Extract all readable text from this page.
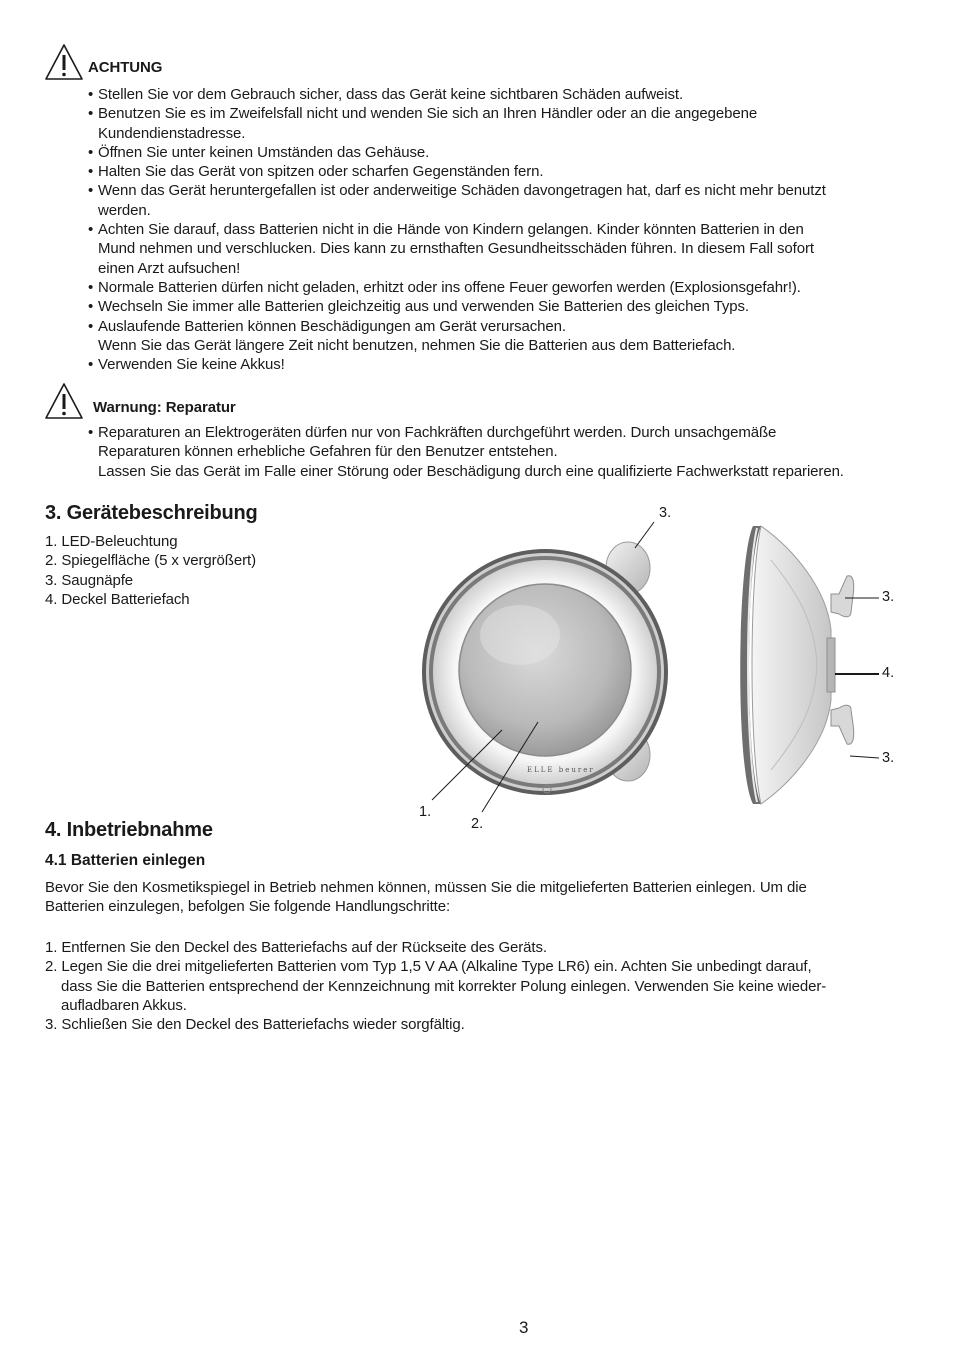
ACHTUNG
• Stellen Sie vor dem Gebrauch sicher, dass das Gerät keine sichtbaren Schäden aufweist.
• Benutzen Sie es im Zweifelsfall nicht und wenden Sie sich an Ihren Händler oder an die angegebene
Kundendienstadresse.
• Öffnen Sie unter keinen Umständen das Gehäuse.
• Halten Sie das Gerät von spitzen oder scharfen Gegenständen fern.
• Wenn das Gerät heruntergefallen ist oder anderweitige Schäden davongetragen hat, darf es nicht mehr benutzt
werden.
• Achten Sie darauf, dass Batterien nicht in die Hände von Kindern gelangen. Kinder könnten Batterien in den
Mund nehmen und verschlucken. Dies kann zu ernsthaften Gesundheitsschäden führen. In diesem Fall sofort
einen Arzt aufsuchen!
• Normale Batterien dürfen nicht geladen, erhitzt oder ins offene Feuer geworfen werden (Explosionsgefahr!).
• Wechseln Sie immer alle Batterien gleichzeitig aus und verwenden Sie Batterien des gleichen Typs.
• Auslaufende Batterien können Beschädigungen am Gerät verursachen.
Wenn Sie das Gerät längere Zeit nicht benutzen, nehmen Sie die Batterien aus dem Batteriefach.
• Verwenden Sie keine Akkus!
Warnung: Reparatur
• Reparaturen an Elektrogeräten dürfen nur von Fachkräften durchgeführt werden. Durch unsachgemäße
Reparaturen können erhebliche Gefahren für den Benutzer entstehen.
Lassen Sie das Gerät im Falle einer Störung oder Beschädigung durch eine qualifizierte Fachwerkstatt reparieren.
3. Gerätebeschreibung
1. LED-Beleuchtung
2. Spiegelfläche (5 x vergrößert)
3. Saugnäpfe
4. Deckel Batteriefach
ELLE beurer
3.
1.
2.
3.
4.
3.
4. Inbetriebnahme
4.1 Batterien einlegen
Bevor Sie den Kosmetikspiegel in Betrieb nehmen können, müssen Sie die mitgelieferten Batterien einlegen. Um die
Batterien einzulegen, befolgen Sie folgende Handlungschritte:
1. Entfernen Sie den Deckel des Batteriefachs auf der Rückseite des Geräts.
2. Legen Sie die drei mitgelieferten Batterien vom Typ 1,5 V AA (Alkaline Type LR6) ein. Achten Sie unbedingt darauf,
dass Sie die Batterien entsprechend der Kennzeichnung mit korrekter Polung einlegen. Verwenden Sie keine wieder-
aufladbaren Akkus.
3. Schließen Sie den Deckel des Batteriefachs wieder sorgfältig.
3
